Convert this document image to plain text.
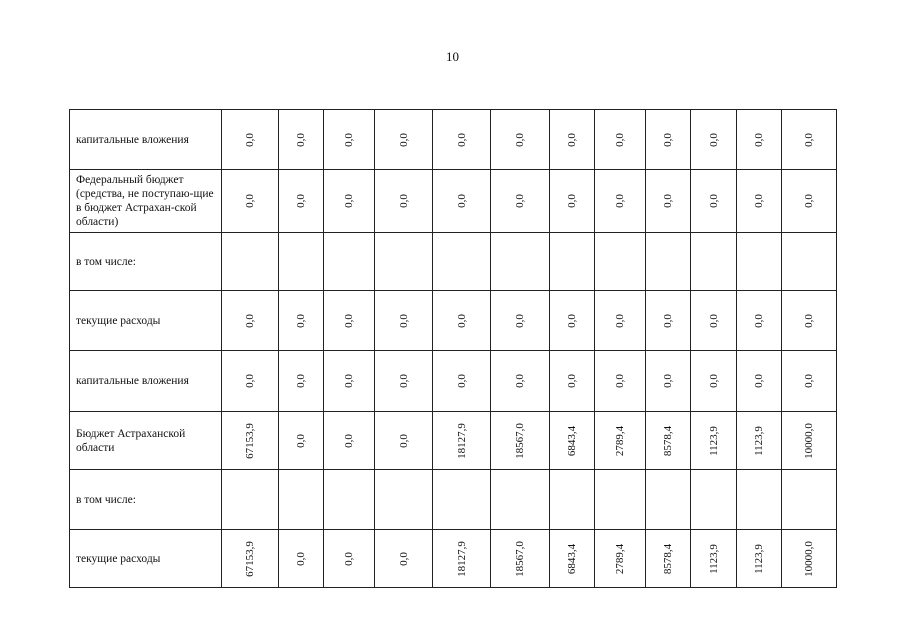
10
капитальные вложения	0,0	0,0	0,0	0,0	0,0	0,0	0,0	0,0	0,0	0,0	0,0	0,0

Федеральный бюджет (средства, не поступаю-щие в бюджет Астрахан-ской области)	0,0	0,0	0,0	0,0	0,0	0,0	0,0	0,0	0,0	0,0	0,0	0,0

в том числе:	

текущие расходы	0,0	0,0	0,0	0,0	0,0	0,0	0,0	0,0	0,0	0,0	0,0	0,0

капитальные вложения	0,0	0,0	0,0	0,0	0,0	0,0	0,0	0,0	0,0	0,0	0,0	0,0

Бюджет Астраханской области	67153,9	0,0	0,0	0,0	18127,9	18567,0	6843,4	2789,4	8578,4	1123,9	1123,9	10000,0

в том числе:	

текущие расходы	67153,9	0,0	0,0	0,0	18127,9	18567,0	6843,4	2789,4	8578,4	1123,9	1123,9	10000,0
